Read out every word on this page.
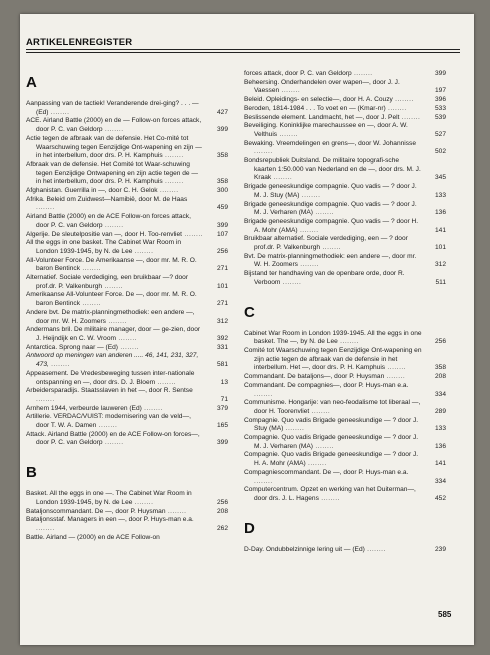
ARTIKELENREGISTER
A
Aanpassing van de tactiek! Veranderende drei-ging? . . . — (Ed) ........	427
ACE. Airland Battle (2000) en de — Follow-on forces attack, door P. C. van Geldorp ........	399
Actie tegen de afbraak van de defensie. Het Co-mité tot Waarschuwing tegen Eenzijdige Ont-wapening en zijn — in het interbellum, door drs. P. H. Kamphuis ........	358
Afbraak van de defensie. Het Comité tot Waar-schuwing tegen Eenzijdige Ontwapening en zijn actie tegen de — in het interbellum, door drs. P. H. Kamphuis ........	358
Afghanistan. Guerrilla in —, door C. H. Gelok ........	300
Afrika. Beleid om Zuidwest—Namibië, door M. de Haas ........	459
Airland Battle (2000) en de ACE Follow-on forces attack, door P. C. van Geldorp ........	399
Algerije. De sleutelpositie van —, door H. Too-renvliet ........ 107
All the eggs in one basket. The Cabinet War Room in London 1939-1945, by N. de Lee ........	256
All-Volunteer Force. De Amerikaanse —, door mr. M. R. O. baron Bentinck ........	271
Alternatief. Sociale verdediging, een bruikbaar —? door prof.dr. P. Valkenburgh ........	101
Amerikaanse All-Volunteer Force. De —, door mr. M. R. O. baron Bentinck ........	271
Andere bvt. De matrix-planningmethodiek: een andere —, door mr. W. H. Zoomers ........	312
Andermans bril. De militaire manager, door — ge-zien, door J. Heijndijk en C. W. Vroom ........	392
Antarctica. Sprong naar — (Ed) ........	331
Antwoord op meningen van anderen ..... 46, 141, 231, 327, 473, ........	581
Appeasement. De Vredesbeweging tussen inter-nationale ontspanning en —, door drs. D. J. Bloem ........	13
Arbeidersparadijs. Staatsslaven in het —, door R. Sentse ........	71
Arnhem 1944, verbeurde lauweren (Ed) ........	379
Artillerie. VERDAC/VUIST: modernisering van de veld—, door T. W. A. Damen ........	165
Attack. Airland Battle (2000) en de ACE Follow-on forces—, door P. C. van Geldorp ........	399
B
Basket. All the eggs in one —. The Cabinet War Room in London 1939-1945, by N. de Lee ........	256
Bataljonscommandant. De —, door P. Huysman ........	208
Bataljonsstaf. Managers in een —, door P. Huys-man e.a. ........	262
Battle. Airland — (2000) en de ACE Follow-on
forces attack, door P. C. van Geldorp ........	399
Beheersing. Onderhandelen over wapen—, door J. J. Vaessen ........	197
Beleid. Opleidings- en selectie—, door H. A. Couzy ........	396
Beroden, 1814-1984 . . . To voet en — (Kmar-nr) ........	533
Beslissende element. Landmacht, het —, door J. Pelt ........ 539
Beveiliging. Koninklijke marechaussee en —, door A. W. Velthuis ........	527
Bewaking. Vreemdelingen en grens—, door W. Johannisse ........	502
Bondsrepubliek Duitsland. De militaire topografi-sche kaarten 1:50.000 van Nederland en de —, door drs. M. J. Kraak ........	345
Brigade geneeskundige compagnie. Quo vadis — ? door J. M. J. Stuy (MA) ........	133
Brigade geneeskundige compagnie. Quo vadis — ? door J. M. J. Verharen (MA) ........	136
Brigade geneeskundige compagnie. Quo vadis — ? door H. A. Mohr (AMA) ........	141
Bruikbaar alternatief. Sociale verdediging, een — ? door prof.dr. P. Valkenburgh ........	101
Bvt. De matrix-planningmethodiek: een andere —, door mr. W. H. Zoomers ........	312
Bijstand ter handhaving van de openbare orde, door R. Verboom ........	511
C
Cabinet War Room in London 1939-1945. All the eggs in one basket. The —, by N. de Lee ........	256
Comité tot Waarschuwing tegen Eenzijdige Ont-wapening en zijn actie tegen de afbraak van de defensie in het interbellum. Het —, door drs. P. H. Kamphuis ........	358
Commandant. De bataljons—, door P. Huysman ........	208
Commandant. De compagnies—, door P. Huys-man e.a. ........	334
Communisme. Hongarije: van neo-feodalisme tot liberaal —, door H. Toorenvliet ........	289
Compagnie. Quo vadis Brigade geneeskundige — ? door J. Stuy (MA) ........	133
Compagnie. Quo vadis Brigade geneeskundige — ? door J. M. J. Verharen (MA) ........	136
Compagnie. Quo vadis Brigade geneeskundige — ? door J. H. A. Mohr (AMA) ........	141
Compagniescommandant. De —, door P. Huys-man e.a. ........	334
Computercentrum. Opzet en werking van het Duiterman—, door drs. J. L. Hagens ........	452
D
D-Day. Ondubbelzinnige lering uit — (Ed) ........	239
585
